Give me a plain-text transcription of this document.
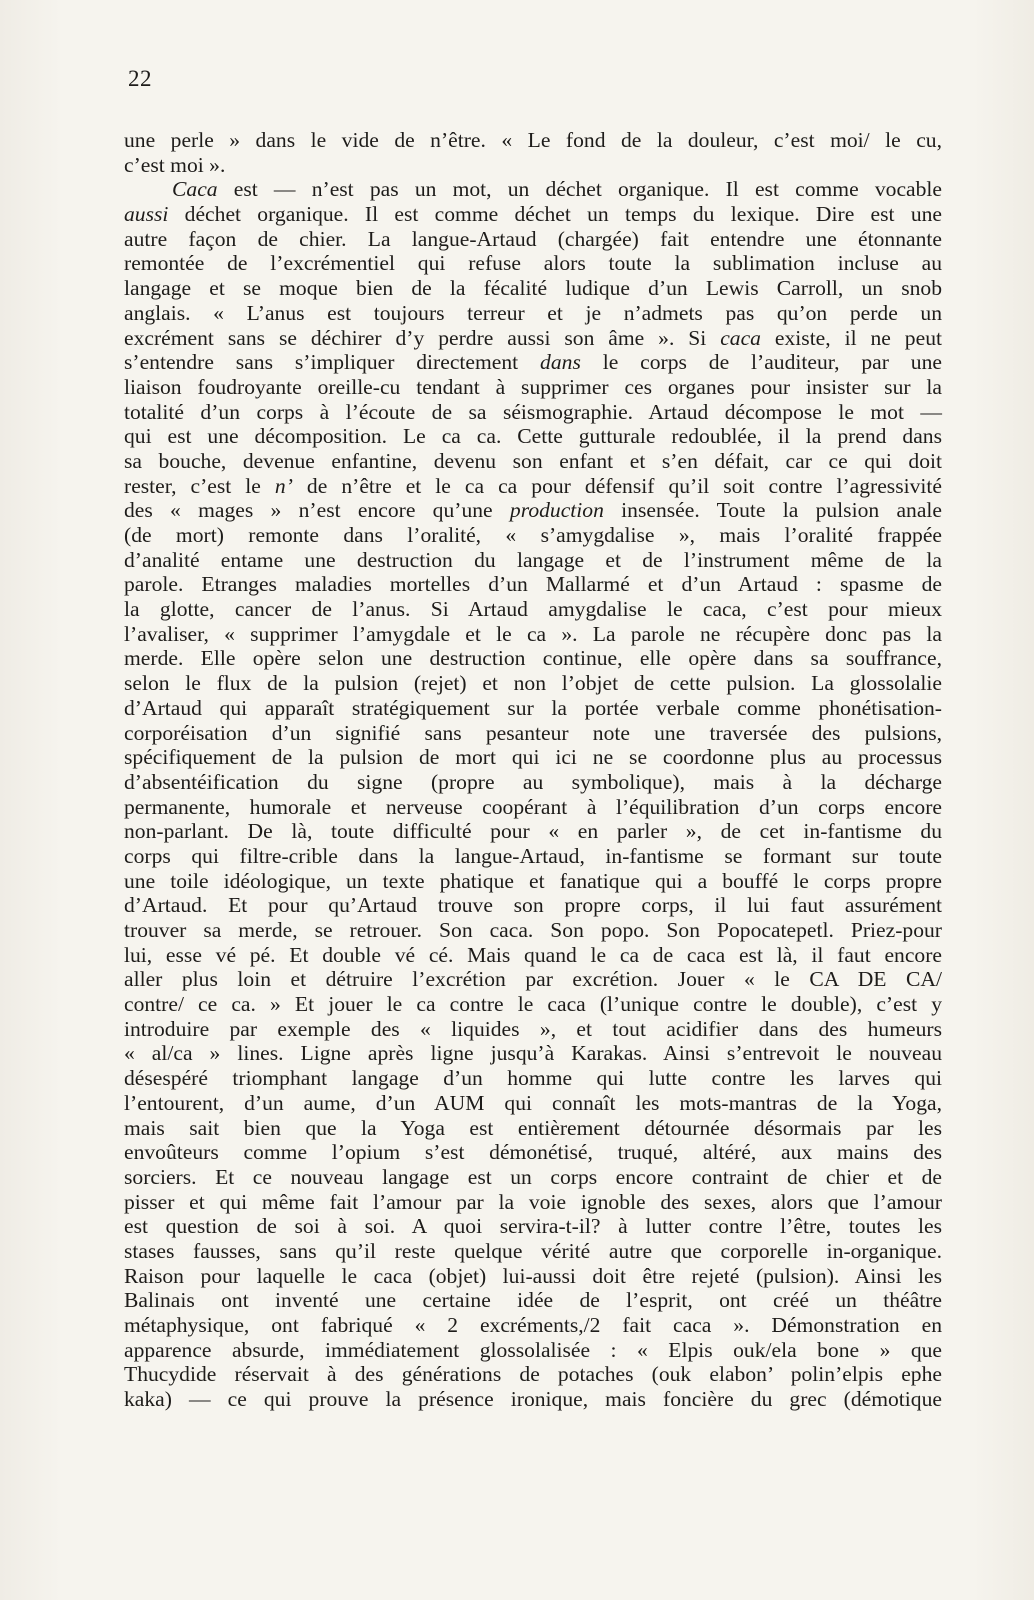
22
une perle » dans le vide de n’être. « Le fond de la douleur, c’est moi/ le cu,
c’est moi ».
Caca est — n’est pas un mot, un déchet organique. Il est comme vocable
aussi déchet organique. Il est comme déchet un temps du lexique. Dire est une
autre façon de chier. La langue-Artaud (chargée) fait entendre une étonnante
remontée de l’excrémentiel qui refuse alors toute la sublimation incluse au
langage et se moque bien de la fécalité ludique d’un Lewis Carroll, un snob
anglais. « L’anus est toujours terreur et je n’admets pas qu’on perde un
excrément sans se déchirer d’y perdre aussi son âme ». Si caca existe, il ne peut
s’entendre sans s’impliquer directement dans le corps de l’auditeur, par une
liaison foudroyante oreille-cu tendant à supprimer ces organes pour insister sur la
totalité d’un corps à l’écoute de sa séismographie. Artaud décompose le mot —
qui est une décomposition. Le ca ca. Cette gutturale redoublée, il la prend dans
sa bouche, devenue enfantine, devenu son enfant et s’en défait, car ce qui doit
rester, c’est le n’ de n’être et le ca ca pour défensif qu’il soit contre l’agressivité
des « mages » n’est encore qu’une production insensée. Toute la pulsion anale
(de mort) remonte dans l’oralité, « s’amygdalise », mais l’oralité frappée
d’analité entame une destruction du langage et de l’instrument même de la
parole. Etranges maladies mortelles d’un Mallarmé et d’un Artaud : spasme de
la glotte, cancer de l’anus. Si Artaud amygdalise le caca, c’est pour mieux
l’avaliser, « supprimer l’amygdale et le ca ». La parole ne récupère donc pas la
merde. Elle opère selon une destruction continue, elle opère dans sa souffrance,
selon le flux de la pulsion (rejet) et non l’objet de cette pulsion. La glossolalie
d’Artaud qui apparaît stratégiquement sur la portée verbale comme phonétisation-
corporéisation d’un signifié sans pesanteur note une traversée des pulsions,
spécifiquement de la pulsion de mort qui ici ne se coordonne plus au processus
d’absentéification du signe (propre au symbolique), mais à la décharge
permanente, humorale et nerveuse coopérant à l’équilibration d’un corps encore
non-parlant. De là, toute difficulté pour « en parler », de cet in-fantisme du
corps qui filtre-crible dans la langue-Artaud, in-fantisme se formant sur toute
une toile idéologique, un texte phatique et fanatique qui a bouffé le corps propre
d’Artaud. Et pour qu’Artaud trouve son propre corps, il lui faut assurément
trouver sa merde, se retrouer. Son caca. Son popo. Son Popocatepetl. Priez-pour
lui, esse vé pé. Et double vé cé. Mais quand le ca de caca est là, il faut encore
aller plus loin et détruire l’excrétion par excrétion. Jouer « le CA DE CA/
contre/ ce ca. » Et jouer le ca contre le caca (l’unique contre le double), c’est y
introduire par exemple des « liquides », et tout acidifier dans des humeurs
« al/ca » lines. Ligne après ligne jusqu’à Karakas. Ainsi s’entrevoit le nouveau
désespéré triomphant langage d’un homme qui lutte contre les larves qui
l’entourent, d’un aume, d’un AUM qui connaît les mots-mantras de la Yoga,
mais sait bien que la Yoga est entièrement détournée désormais par les
envoûteurs comme l’opium s’est démonétisé, truqué, altéré, aux mains des
sorciers. Et ce nouveau langage est un corps encore contraint de chier et de
pisser et qui même fait l’amour par la voie ignoble des sexes, alors que l’amour
est question de soi à soi. A quoi servira-t-il? à lutter contre l’être, toutes les
stases fausses, sans qu’il reste quelque vérité autre que corporelle in-organique.
Raison pour laquelle le caca (objet) lui-aussi doit être rejeté (pulsion). Ainsi les
Balinais ont inventé une certaine idée de l’esprit, ont créé un théâtre
métaphysique, ont fabriqué « 2 excréments,/2 fait caca ». Démonstration en
apparence absurde, immédiatement glossolalisée : « Elpis ouk/ela bone » que
Thucydide réservait à des générations de potaches (ouk elabon’ polin’elpis ephe
kaka) — ce qui prouve la présence ironique, mais foncière du grec (démotique
